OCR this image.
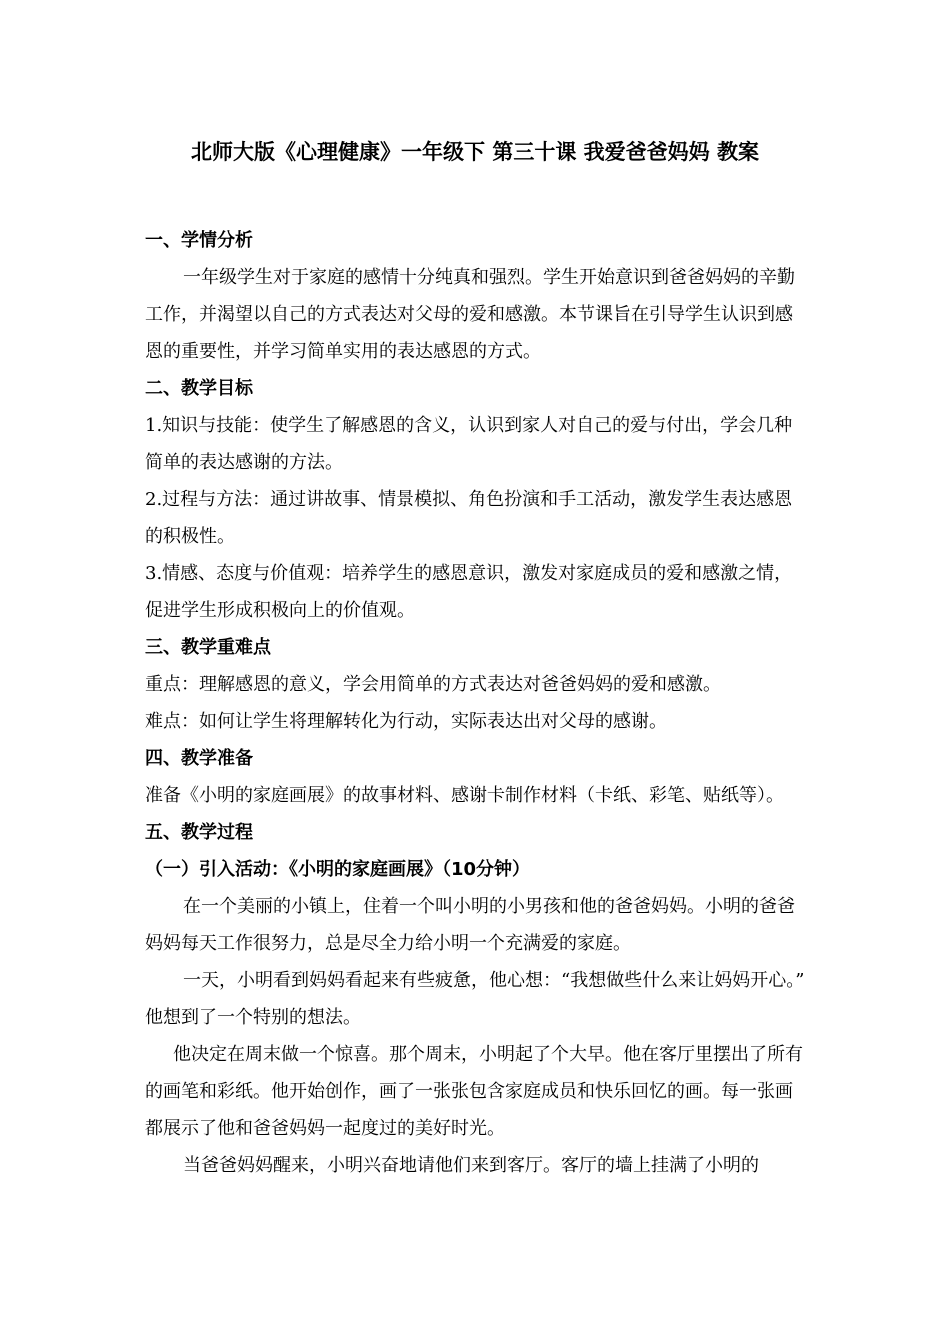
北师大版《心理健康》一年级下 第三十课 我爱爸爸妈妈 教案

一、学情分析

一年级学生对于家庭的感情十分纯真和强烈。学生开始意识到爸爸妈妈的辛勤工作，并渴望以自己的方式表达对父母的爱和感激。本节课旨在引导学生认识到感恩的重要性，并学习简单实用的表达感恩的方式。

二、教学目标

1.知识与技能：使学生了解感恩的含义，认识到家人对自己的爱与付出，学会几种简单的表达感谢的方法。

2.过程与方法：通过讲故事、情景模拟、角色扮演和手工活动，激发学生表达感恩的积极性。

3.情感、态度与价值观：培养学生的感恩意识，激发对家庭成员的爱和感激之情，促进学生形成积极向上的价值观。

三、教学重难点

重点：理解感恩的意义，学会用简单的方式表达对爸爸妈妈的爱和感激。

难点：如何让学生将理解转化为行动，实际表达出对父母的感谢。

四、教学准备

准备《小明的家庭画展》的故事材料、感谢卡制作材料（卡纸、彩笔、贴纸等）。

五、教学过程

（一）引入活动：《小明的家庭画展》（10分钟）

在一个美丽的小镇上，住着一个叫小明的小男孩和他的爸爸妈妈。小明的爸爸妈妈每天工作很努力，总是尽全力给小明一个充满爱的家庭。

一天，小明看到妈妈看起来有些疲惫，他心想：“我想做些什么来让妈妈开心。” 他想到了一个特别的想法。

他决定在周末做一个惊喜。那个周末，小明起了个大早。他在客厅里摆出了所有的画笔和彩纸。他开始创作，画了一张张包含家庭成员和快乐回忆的画。每一张画都展示了他和爸爸妈妈一起度过的美好时光。

当爸爸妈妈醒来，小明兴奋地请他们来到客厅。客厅的墙上挂满了小明的
